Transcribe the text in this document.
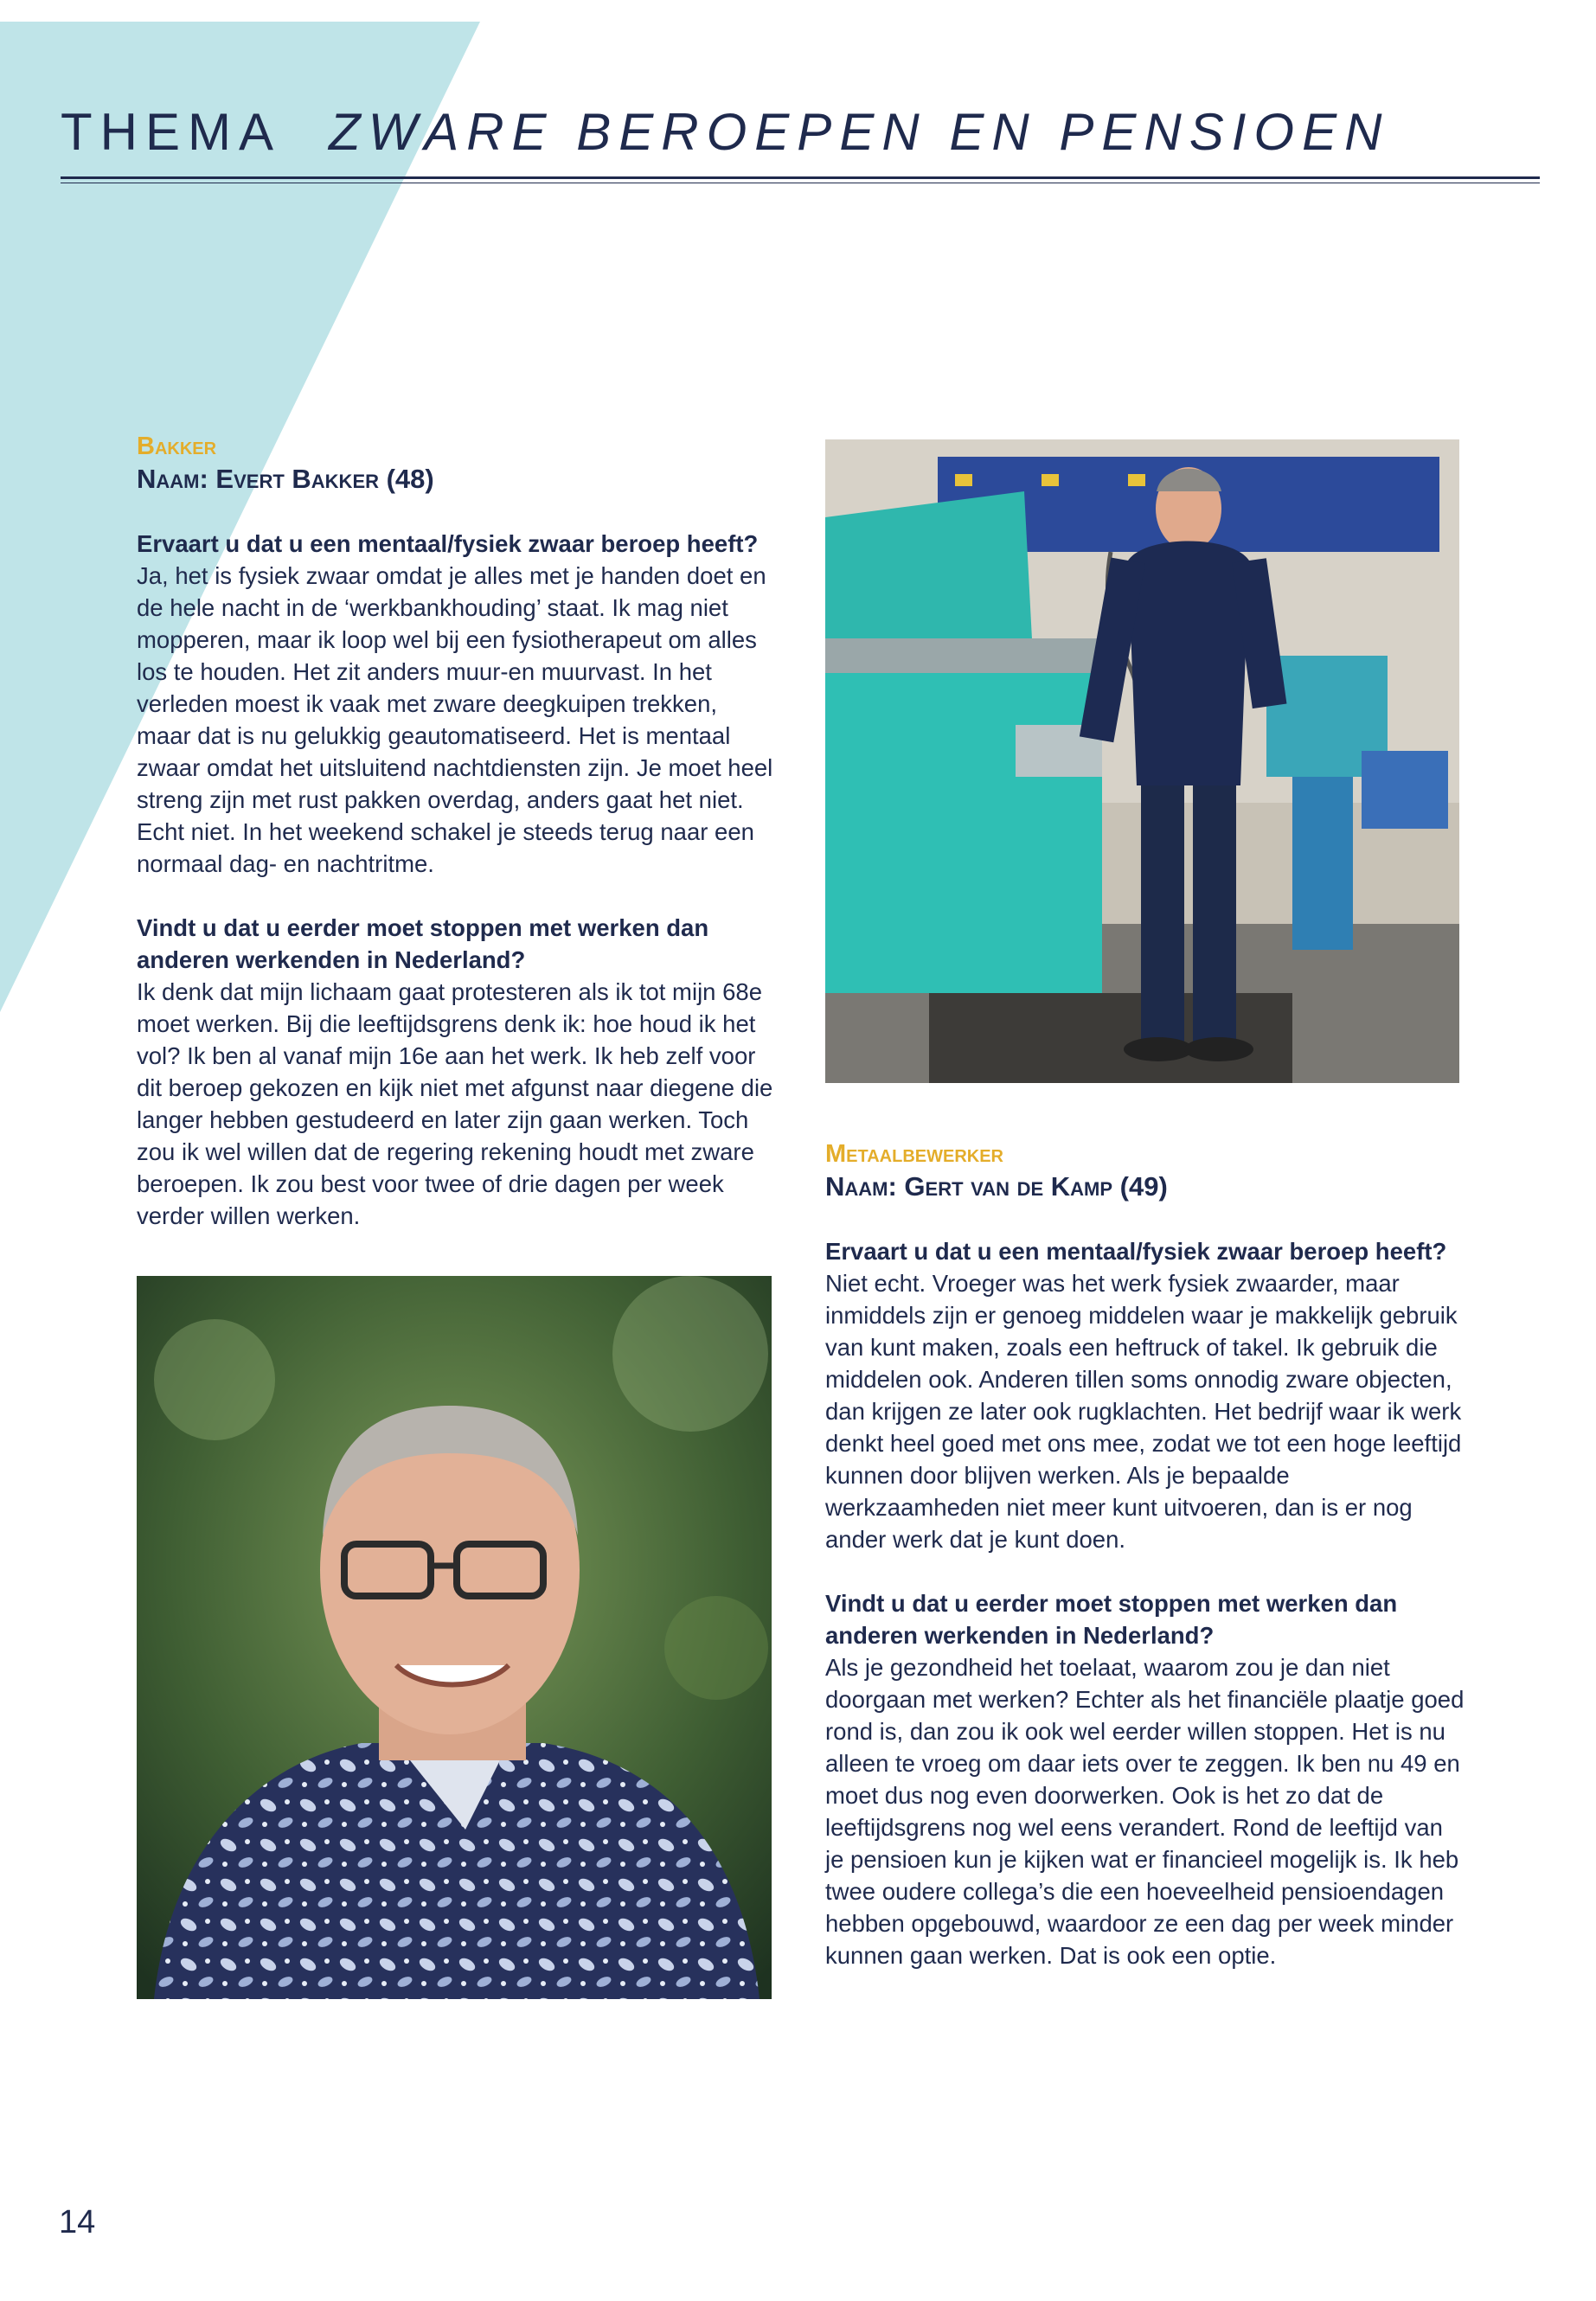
THEMA ZWARE BEROEPEN EN PENSIOEN

Bakker

Naam: Evert Bakker (48)

Ervaart u dat u een mentaal/fysiek zwaar beroep heeft?

Ja, het is fysiek zwaar omdat je alles met je handen doet en de hele nacht in de ‘werkbankhouding’ staat. Ik mag niet mopperen, maar ik loop wel bij een fysiotherapeut om alles los te houden. Het zit anders muur-en muurvast. In het verleden moest ik vaak met zware deegkuipen trekken, maar dat is nu gelukkig geautomatiseerd. Het is mentaal zwaar omdat het uitsluitend nachtdiensten zijn. Je moet heel streng zijn met rust pakken overdag, anders gaat het niet. Echt niet. In het weekend schakel je steeds terug naar een normaal dag- en nachtritme.

Vindt u dat u eerder moet stoppen met werken dan anderen werkenden in Nederland?

Ik denk dat mijn lichaam gaat protesteren als ik tot mijn 68e moet werken. Bij die leeftijdsgrens denk ik: hoe houd ik het vol? Ik ben al vanaf mijn 16e aan het werk. Ik heb zelf voor dit beroep gekozen en kijk niet met afgunst naar diegene die langer hebben gestudeerd en later zijn gaan werken. Toch zou ik wel willen dat de regering rekening houdt met zware beroepen. Ik zou best voor twee of drie dagen per week verder willen werken.

Metaalbewerker

Naam: Gert van de Kamp (49)

Ervaart u dat u een mentaal/fysiek zwaar beroep heeft?

Niet echt. Vroeger was het werk fysiek zwaarder, maar inmiddels zijn er genoeg middelen waar je makkelijk gebruik van kunt maken, zoals een heftruck of takel. Ik gebruik die middelen ook. Anderen tillen soms onnodig zware objecten, dan krijgen ze later ook rugklachten. Het bedrijf waar ik werk denkt heel goed met ons mee, zodat we tot een hoge leeftijd kunnen door blijven werken. Als je bepaalde werkzaamheden niet meer kunt uitvoeren, dan is er nog ander werk dat je kunt doen.

Vindt u dat u eerder moet stoppen met werken dan anderen werkenden in Nederland?

Als je gezondheid het toelaat, waarom zou je dan niet doorgaan met werken? Echter als het financiële plaatje goed rond is, dan zou ik ook wel eerder willen stoppen. Het is nu alleen te vroeg om daar iets over te zeggen. Ik ben nu 49 en moet dus nog even doorwerken. Ook is het zo dat de leeftijdsgrens nog wel eens verandert. Rond de leeftijd van je pensioen kun je kijken wat er financieel mogelijk is. Ik heb twee oudere collega’s die een hoeveelheid pensioendagen hebben opgebouwd, waardoor ze een dag per week minder kunnen gaan werken. Dat is ook een optie.

14
